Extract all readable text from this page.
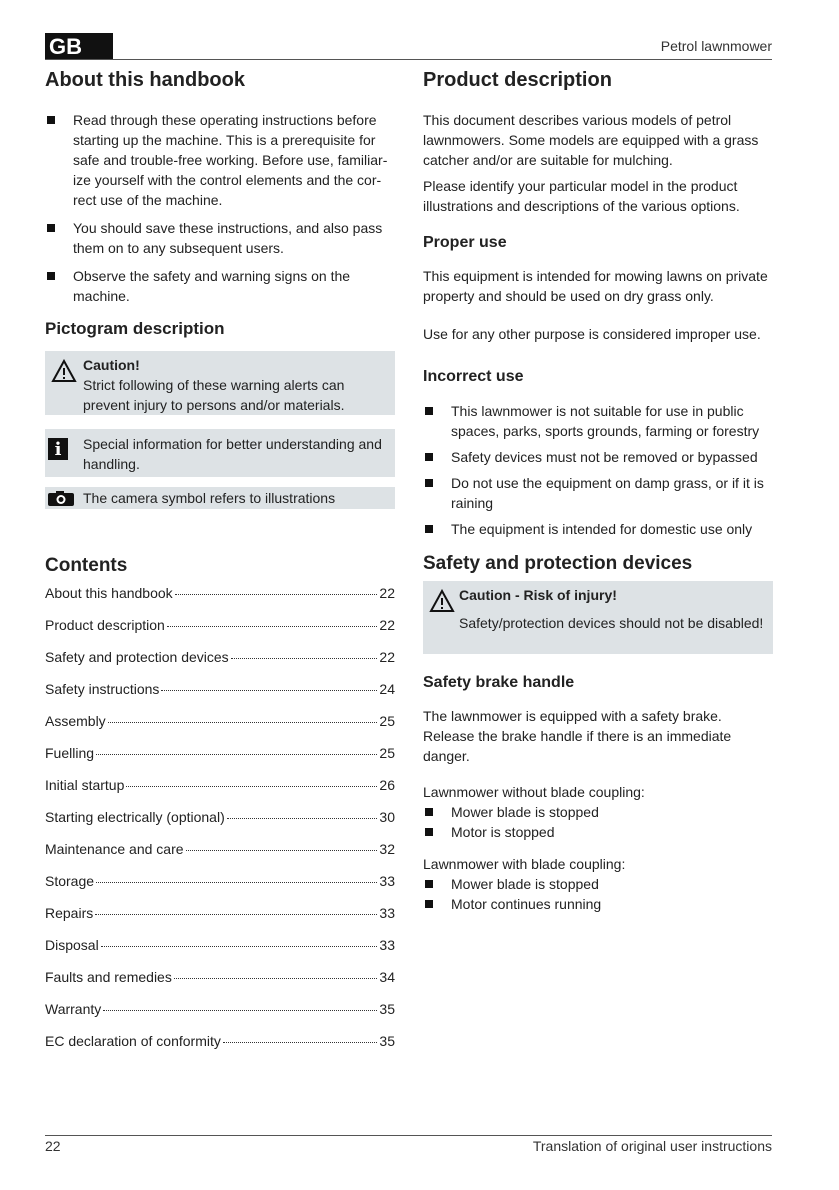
GB	Petrol lawnmower
About this handbook
Read through these operating instructions before starting up the machine. This is a prerequisite for safe and trouble-free working. Before use, familiar-ize yourself with the control elements and the cor-rect use of the machine.
You should save these instructions, and also pass them on to any subsequent users.
Observe the safety and warning signs on the machine.
Pictogram description

Caution!

Strict following of these warning alerts can prevent injury to persons and/or materials.

i	Special information for better understanding and handling.

The camera symbol refers to illustrations

Contents
About this handbook	22
Product description	22
Safety and protection devices	22
Safety instructions	24
Assembly	25
Fuelling	25
Initial startup	26
Starting electrically (optional)	30
Maintenance and care	32
Storage	33
Repairs	33
Disposal	33
Faults and remedies	34
Warranty	35
EC declaration of conformity	35
Product description

This document describes various models of petrol lawnmowers. Some models are equipped with a grass catcher and/or are suitable for mulching.

Please identify your particular model in the product illustrations and descriptions of the various options.

Proper use

This equipment is intended for mowing lawns on private property and should be used on dry grass only.

Use for any other purpose is considered improper use.

Incorrect use
This lawnmower is not suitable for use in public spaces, parks, sports grounds, farming or forestry
Safety devices must not be removed or bypassed
Do not use the equipment on damp grass, or if it is raining
The equipment is intended for domestic use only
Safety and protection devices

Caution - Risk of injury!

Safety/protection devices should not be disabled!

Safety brake handle

The lawnmower is equipped with a safety brake. Release the brake handle if there is an immediate danger.

Lawnmower without blade coupling:

Mower blade is stopped
Motor is stopped

Lawnmower with blade coupling:

Mower blade is stopped
Motor continues running
22	Translation of original user instructions
